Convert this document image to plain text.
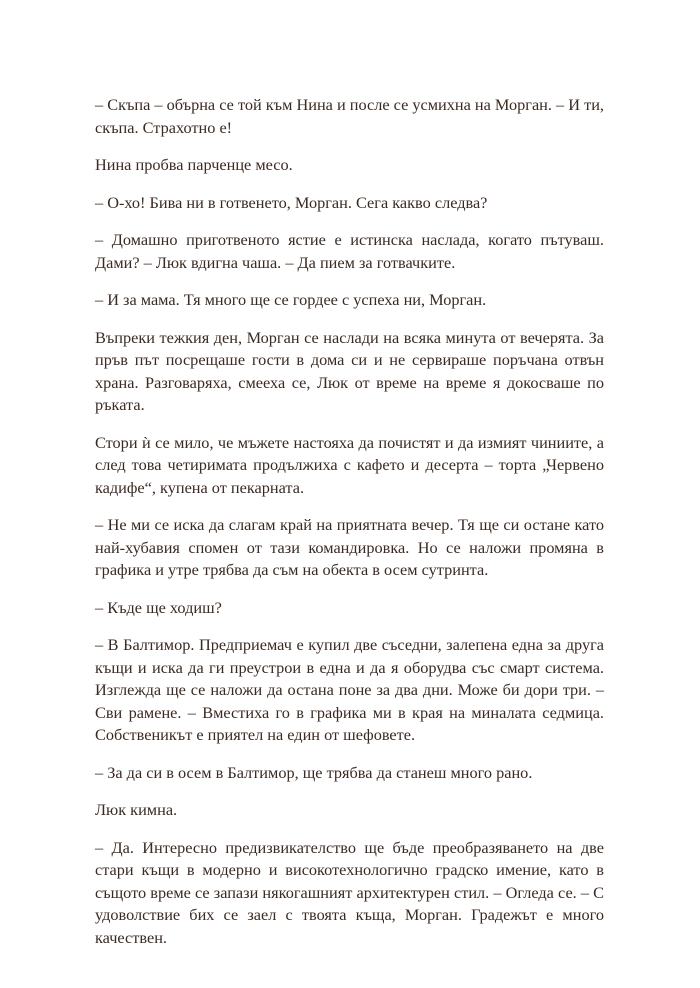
– Скъпа – обърна се той към Нина и после се усмихна на Морган. – И ти, скъпа. Страхотно е!

Нина пробва парченце месо.

– О-хо! Бива ни в готвенето, Морган. Сега какво следва?

– Домашно приготвеното ястие е истинска наслада, когато пътуваш. Дами? – Люк вдигна чаша. – Да пием за готвачките.

– И за мама. Тя много ще се гордее с успеха ни, Морган.

Въпреки тежкия ден, Морган се наслади на всяка минута от вечерята. За пръв път посрещаше гости в дома си и не сервираше поръчана отвън храна. Разговаряха, смееха се, Люк от време на време я докосваше по ръката.

Стори ѝ се мило, че мъжете настояха да почистят и да измият чиниите, а след това четиримата продължиха с кафето и десерта – торта „Червено кадифе“, купена от пекарната.

– Не ми се иска да слагам край на приятната вечер. Тя ще си остане като най-хубавия спомен от тази командировка. Но се наложи промяна в графика и утре трябва да съм на обекта в осем сутринта.

– Къде ще ходиш?

– В Балтимор. Предприемач е купил две съседни, залепена една за друга къщи и иска да ги преустрои в една и да я оборудва със смарт система. Изглежда ще се наложи да остана поне за два дни. Може би дори три. – Сви рамене. – Вместиха го в графика ми в края на миналата седмица. Собственикът е приятел на един от шефовете.

– За да си в осем в Балтимор, ще трябва да станеш много рано.

Люк кимна.

– Да. Интересно предизвикателство ще бъде преобразяването на две стари къщи в модерно и високотехнологично градско имение, като в същото време се запази някогашният архитектурен стил. – Огледа се. – С удоволствие бих се заел с твоята къща, Морган. Градежът е много качествен.
